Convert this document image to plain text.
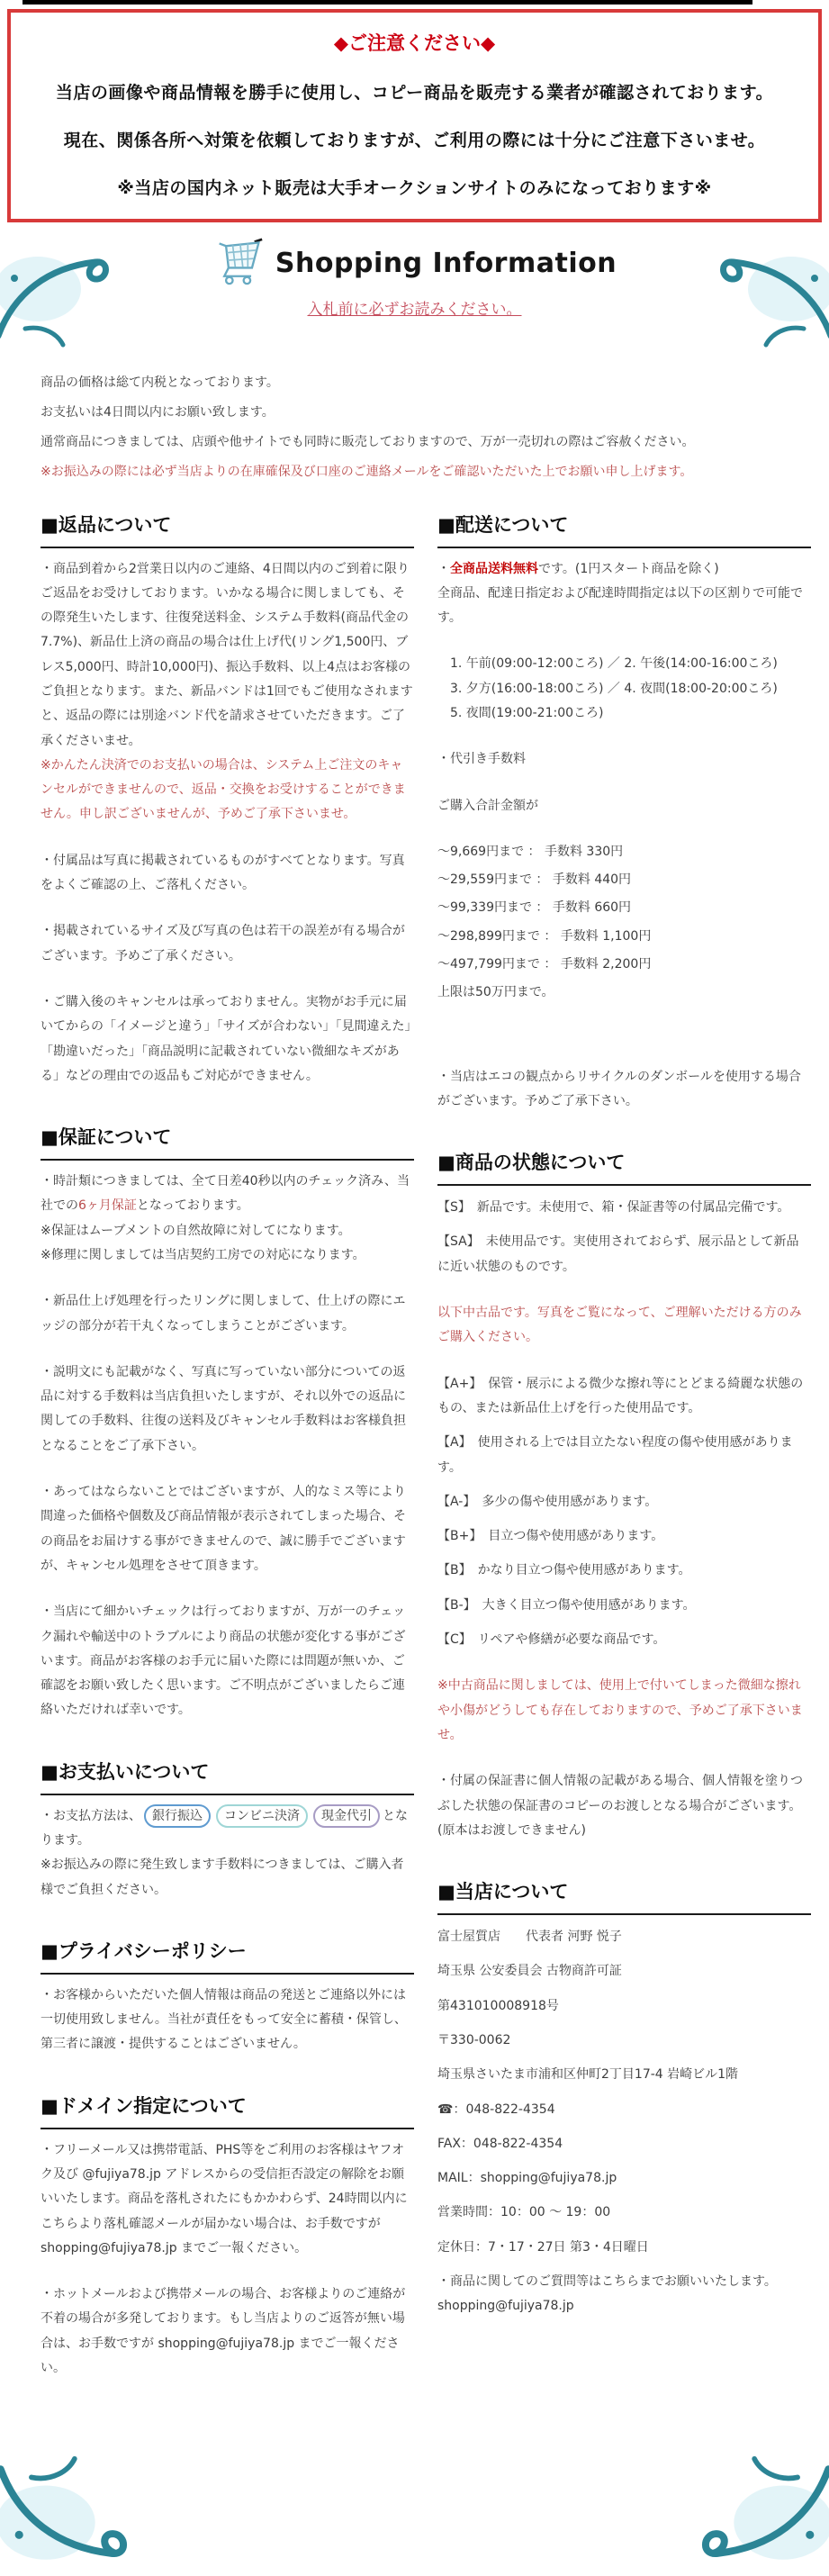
◆ご注意ください◆
当店の画像や商品情報を勝手に使用し、コピー商品を販売する業者が確認されております。
現在、関係各所へ対策を依頼しておりますが、ご利用の際には十分にご注意下さいませ。
※当店の国内ネット販売は大手オークションサイトのみになっております※
Shopping Information
入札前に必ずお読みください。
商品の価格は総て内税となっております。
お支払いは4日間以内にお願い致します。
通常商品につきましては、店頭や他サイトでも同時に販売しておりますので、万が一売切れの際はご容赦ください。
※お振込みの際には必ず当店よりの在庫確保及び口座のご連絡メールをご確認いただいた上でお願い申し上げます。
■返品について

・商品到着から2営業日以内のご連絡、4日間以内のご到着に限りご返品をお受けしております。いかなる場合に関しましても、その際発生いたします、往復発送料金、システム手数料(商品代金の7.7%)、新品仕上済の商品の場合は仕上げ代(リング1,500円、ブレス5,000円、時計10,000円)、振込手数料、以上4点はお客様のご負担となります。また、新品バンドは1回でもご使用なされますと、返品の際には別途バンド代を請求させていただきます。ご了承くださいませ。

※かんたん決済でのお支払いの場合は、システム上ご注文のキャンセルができませんので、返品・交換をお受けすることができません。申し訳ございませんが、予めご了承下さいませ。

・付属品は写真に掲載されているものがすべてとなります。写真をよくご確認の上、ご落札ください。

・掲載されているサイズ及び写真の色は若干の誤差が有る場合がございます。予めご了承ください。

・ご購入後のキャンセルは承っておりません。実物がお手元に届いてからの「イメージと違う」「サイズが合わない」「見間違えた」「勘違いだった」「商品説明に記載されていない微細なキズがある」などの理由での返品もご対応ができません。

■保証について

・時計類につきましては、全て日差40秒以内のチェック済み、当社での6ヶ月保証となっております。

※保証はムーブメントの自然故障に対してになります。

※修理に関しましては当店契約工房での対応になります。

・新品仕上げ処理を行ったリングに関しまして、仕上げの際にエッジの部分が若干丸くなってしまうことがございます。

・説明文にも記載がなく、写真に写っていない部分についての返品に対する手数料は当店負担いたしますが、それ以外での返品に関しての手数料、往復の送料及びキャンセル手数料はお客様負担となることをご了承下さい。

・あってはならないことではございますが、人的なミス等により間違った価格や個数及び商品情報が表示されてしまった場合、その商品をお届けする事ができませんので、誠に勝手でございますが、キャンセル処理をさせて頂きます。

・当店にて細かいチェックは行っておりますが、万が一のチェック漏れや輸送中のトラブルにより商品の状態が変化する事がございます。商品がお客様のお手元に届いた際には問題が無いか、ご確認をお願い致したく思います。ご不明点がございましたらご連絡いただければ幸いです。

■お支払いについて

・お支払方法は、 銀行振込 コンビニ決済 現金代引 となります。

※お振込みの際に発生致します手数料につきましては、ご購入者様でご負担ください。

■プライバシーポリシー

・お客様からいただいた個人情報は商品の発送とご連絡以外には一切使用致しません。当社が責任をもって安全に蓄積・保管し、第三者に譲渡・提供することはございません。

■ドメイン指定について

・フリーメール又は携帯電話、PHS等をご利用のお客様はヤフオク及び @fujiya78.jp アドレスからの受信拒否設定の解除をお願いいたします。商品を落札されたにもかかわらず、24時間以内にこちらより落札確認メールが届かない場合は、お手数ですが shopping@fujiya78.jp までご一報ください。

・ホットメールおよび携帯メールの場合、お客様よりのご連絡が不着の場合が多発しております。もし当店よりのご返答が無い場合は、お手数ですが shopping@fujiya78.jp までご一報ください。

■配送について

・全商品送料無料です。(1円スタート商品を除く)

全商品、配達日指定および配達時間指定は以下の区割りで可能です。

1. 午前(09:00-12:00ころ) ／ 2. 午後(14:00-16:00ころ)
3. 夕方(16:00-18:00ころ) ／ 4. 夜間(18:00-20:00ころ)
5. 夜間(19:00-21:00ころ)

・代引き手数料

ご購入合計金額が

～9,669円まで ： 手数料 330円
～29,559円まで ： 手数料 440円
～99,339円まで ： 手数料 660円
～298,899円まで ： 手数料 1,100円
～497,799円まで ： 手数料 2,200円
上限は50万円まで。

・当店はエコの観点からリサイクルのダンボールを使用する場合がございます。予めご了承下さい。

■商品の状態について

【S】　新品です。未使用で、箱・保証書等の付属品完備です。

【SA】　未使用品です。実使用されておらず、展示品として新品に近い状態のものです。

以下中古品です。写真をご覧になって、ご理解いただける方のみご購入ください。

【A+】　保管・展示による微少な擦れ等にとどまる綺麗な状態のもの、または新品仕上げを行った使用品です。

【A】　使用される上では目立たない程度の傷や使用感があります。

【A-】　多少の傷や使用感があります。

【B+】　目立つ傷や使用感があります。

【B】　かなり目立つ傷や使用感があります。

【B-】　大きく目立つ傷や使用感があります。

【C】　リペアや修繕が必要な商品です。

※中古商品に関しましては、使用上で付いてしまった微細な擦れや小傷がどうしても存在しておりますので、予めご了承下さいませ。

・付属の保証書に個人情報の記載がある場合、個人情報を塗りつぶした状態の保証書のコピーのお渡しとなる場合がございます。(原本はお渡しできません)

■当店について
富士屋質店　　代表者 河野 悦子
埼玉県 公安委員会 古物商許可証
第431010008918号
〒330-0062
埼玉県さいたま市浦和区仲町2丁目17-4 岩崎ビル1階
☎：048-822-4354
FAX：048-822-4354
MAIL：shopping@fujiya78.jp
営業時間：10：00 ～ 19：00
定休日：7・17・27日 第3・4日曜日
・商品に関してのご質問等はこちらまでお願いいたします。shopping@fujiya78.jp
